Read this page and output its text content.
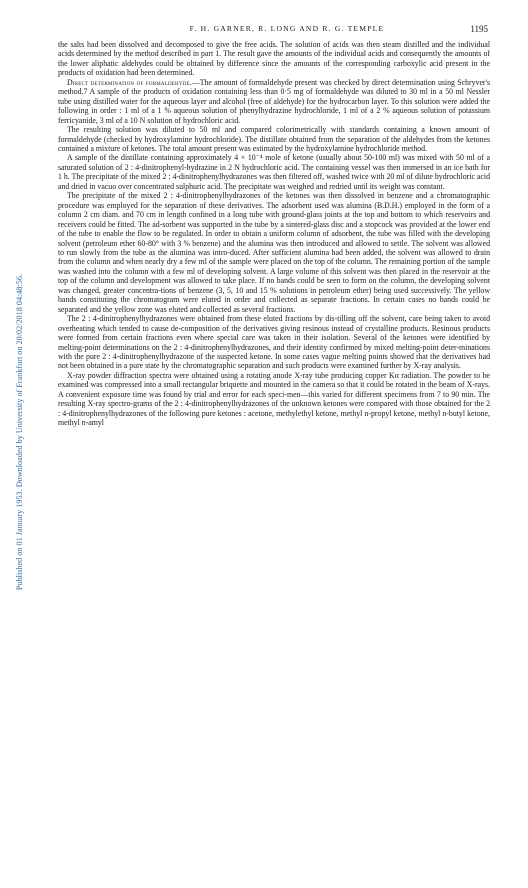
F. H. GARNER, R. LONG AND R. G. TEMPLE	1195
Published on 01 January 1953. Downloaded by University of Frankfurt on 20/02/2018 04:48:56.

the salts had been dissolved and decomposed to give the free acids. The solution of acids was then steam distilled and the individual acids determined by the method described in part 1. The result gave the amounts of the individual acids and consequently the amounts of the lower aliphatic aldehydes could be obtained by difference since the amounts of the corresponding carboxylic acid present in the products of oxidation had been determined.

Direct determination of formaldehyde.—The amount of formaldehyde present was checked by direct determination using Schryver's method.7 A sample of the products of oxidation containing less than 0·5 mg of formaldehyde was diluted to 30 ml in a 50 ml Nessler tube using distilled water for the aqueous layer and alcohol (free of aldehyde) for the hydrocarbon layer. To this solution were added the following in order : 1 ml of a 1 % aqueous solution of phenylhydrazine hydrochloride, 1 ml of a 2 % aqueous solution of potassium ferricyanide, 3 ml of a 10 N solution of hydrochloric acid.

The resulting solution was diluted to 50 ml and compared colorimetrically with standards containing a known amount of formaldehyde (checked by hydroxylamine hydrochloride). The distillate obtained from the separation of the aldehydes from the ketones contained a mixture of ketones. The total amount present was estimated by the hydroxylamine hydrochloride method.

A sample of the distillate containing approximately 4 × 10⁻⁴ mole of ketone (usually about 50-100 ml) was mixed with 50 ml of a saturated solution of 2 : 4-dinitrophenyl-hydrazine in 2 N hydrochloric acid. The containing vessel was then immersed in an ice bath for 1 h. The precipitate of the mixed 2 : 4-dinitrophenylhydrazones was then filtered off, washed twice with 20 ml of dilute hydrochloric acid and dried in vacuo over concentrated sulphuric acid. The precipitate was weighed and redried until its weight was constant.

The precipitate of the mixed 2 : 4-dinitrophenylhydrazones of the ketones was then dissolved in benzene and a chromatographic procedure was employed for the separation of these derivatives. The adsorbent used was alumina (B.D.H.) employed in the form of a column 2 cm diam. and 70 cm in length confined in a long tube with ground-glass joints at the top and bottom to which reservoirs and receivers could be fitted. The ad-sorbent was supported in the tube by a sintered-glass disc and a stopcock was provided at the lower end of the tube to enable the flow to be regulated. In order to obtain a uniform column of adsorbent, the tube was filled with the developing solvent (petroleum ether 60-80° with 3 % benzene) and the alumina was then introduced and allowed to settle. The solvent was allowed to run slowly from the tube as the alumina was intro-duced. After sufficient alumina had been added, the solvent was allowed to drain from the column and when nearly dry a few ml of the sample were placed on the top of the column. The remaining portion of the sample was washed into the column with a few ml of developing solvent. A large volume of this solvent was then placed in the reservoir at the top of the column and development was allowed to take place. If no bands could be seen to form on the column, the developing solvent was changed, greater concentra-tions of benzene (3, 5, 10 and 15 % solutions in petroleum ether) being used successively. The yellow bands constituting the chromatogram were eluted in order and collected as separate fractions. In certain cases no bands could be separated and the yellow zone was eluted and collected as several fractions.

The 2 : 4-dinitrophenylhydrazones were obtained from these eluted fractions by dis-tilling off the solvent, care being taken to avoid overheating which tended to cause de-composition of the derivatives giving resinous instead of crystalline products. Resinous products were formed from certain fractions even where special care was taken in their isolation. Several of the ketones were identified by melting-point determinations on the 2 : 4-dinitrophenylhydrazones, and their identity confirmed by mixed melting-point deter-minations with the pure 2 : 4-dinitrophenylhydrazone of the suspected ketone. In some cases vague melting points showed that the derivatives had not been obtained in a pure state by the chromatographic separation and such products were examined further by X-ray analysis.

X-ray powder diffraction spectra were obtained using a rotating anode X-ray tube producing copper Kα radiation. The powder to be examined was compressed into a small rectangular briquette and mounted in the camera so that it could be rotated in the beam of X-rays. A convenient exposure time was found by trial and error for each speci-men—this varied for different specimens from 7 to 90 min. The resulting X-ray spectro-grams of the 2 : 4-dinitrophenylhydrazones of the unknown ketones were compared with those obtained for the 2 : 4-dinitrophenylhydrazones of the following pure ketones : acetone, methylethyl ketone, methyl n-propyl ketone, methyl n-butyl ketone, methyl n-amyl
